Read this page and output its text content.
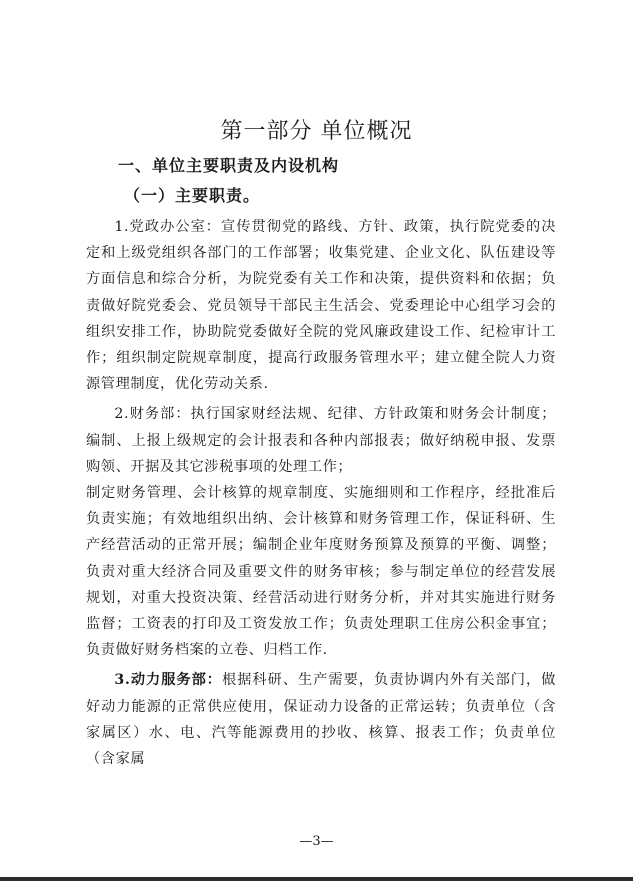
第一部分 单位概况
一、单位主要职责及内设机构
（一）主要职责。

1.党政办公室：宣传贯彻党的路线、方针、政策，执行院党委的决定和上级党组织各部门的工作部署；收集党建、企业文化、队伍建设等方面信息和综合分析，为院党委有关工作和决策，提供资料和依据；负责做好院党委会、党员领导干部民主生活会、党委理论中心组学习会的组织安排工作，协助院党委做好全院的党风廉政建设工作、纪检审计工作；组织制定院规章制度，提高行政服务管理水平；建立健全院人力资源管理制度，优化劳动关系.

2.财务部：执行国家财经法规、纪律、方针政策和财务会计制度；编制、上报上级规定的会计报表和各种内部报表；做好纳税申报、发票购领、开据及其它涉税事项的处理工作；

制定财务管理、会计核算的规章制度、实施细则和工作程序，经批准后负责实施；有效地组织出纳、会计核算和财务管理工作，保证科研、生产经营活动的正常开展；编制企业年度财务预算及预算的平衡、调整；负责对重大经济合同及重要文件的财务审核；参与制定单位的经营发展规划，对重大投资决策、经营活动进行财务分析，并对其实施进行财务监督；工资表的打印及工资发放工作；负责处理职工住房公积金事宜；负责做好财务档案的立卷、归档工作.

3.动力服务部：根据科研、生产需要，负责协调内外有关部门，做好动力能源的正常供应使用，保证动力设备的正常运转；负责单位（含家属区）水、电、汽等能源费用的抄收、核算、报表工作；负责单位（含家属

—3—
